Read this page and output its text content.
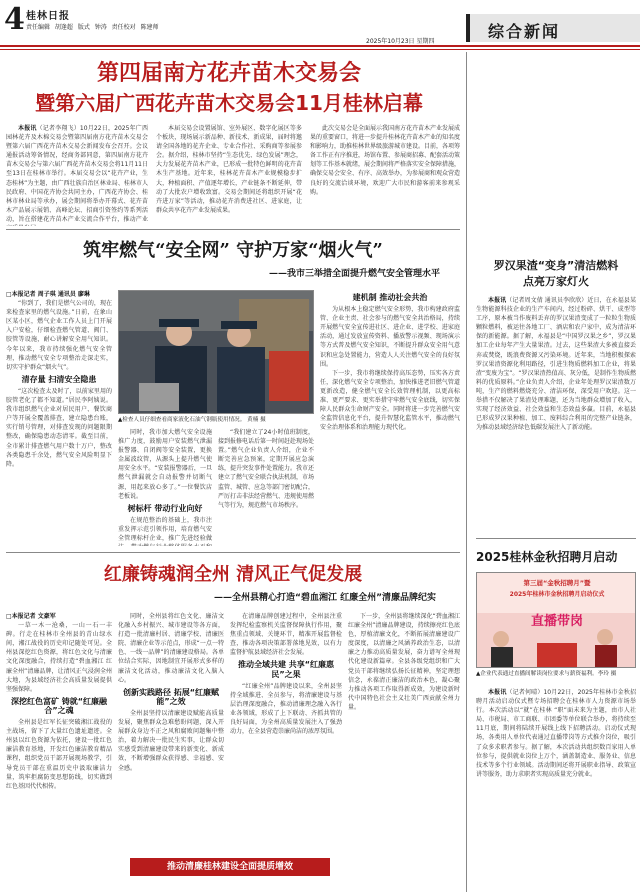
4 桂林日报
责任编辑 胡逢超 版式 钟涛 责任校对 陈建师
2025年10月23日 星期四
综合新闻
第四届南方花卉苗木交易会
暨第六届广西花卉苗木交易会11月桂林启幕

本报讯（记者李翔飞）10月22日，2025年广西园林花卉及木棉交易会暨第四届南方花卉苗木交易会暨第六届广西花卉苗木交易会新闻发布会召开。会议通报活动筹备情况，经商务部同意，第四届南方花卉苗木交易会与第六届广西花卉苗木交易会将11月11日至13日在桂林市举行。本届交易会以“花卉产业，生态桂林”为主题，由广西壮族自治区林业局、桂林市人民政府、中国花卉协会共同主办，广西花卉协会、桂林市林业局等承办，展会期间将举办开幕式、花卉苗木产品展示展销、高峰论坛、招商引资签约等系列活动，旨在搭建花卉苗木产业交流合作平台，推动产业

本届交易会设置展馆、室外展区、数字化展区等多个板块，现场展示新品种、新技术、新成果，届时将邀请全国各地的花卉企业、专业合作社、采购商等参展参会。据介绍，桂林市坚持“生态优先、绿色发展”理念，大力发展花卉苗木产业，已形成一批特色鲜明的花卉苗木生产基地。近年来，桂林花卉苗木产业规模稳步扩大，种植面积、产值逐年增长，产业链条不断延伸，带动了大批农户增收致富。交易会期间还将组织开展“花卉进万家”等活动，推动花卉消费进社区、进家庭，让群众共享花卉产业发展成果。

此次交易会是全面展示我国南方花卉苗木产业发展成果的重要窗口，将进一步提升桂林花卉苗木产业的知名度和影响力，助推桂林世界级旅游城市建设。目前，各项筹备工作正有序推进，场馆布置、参展商招募、配套活动策划等工作基本就绪，展会期间将严格落实安全保障措施，确保交易会安全、有序、高效举办，为参展商和观众营造良好的交流洽谈环境，欢迎广大市民和游客前来参观采购。

筑牢燃气“安全网” 守护万家“烟火气”
——我市三举措全面提升燃气安全管理水平
□本报记者 周子琪 通讯员 廖琳

“你到了，我们是燃气公司的，现在来检查家里的燃气设施。”日前，在象山区某小区，燃气企业工作人员上门开展入户安检，仔细检查燃气管道、阀门、胶管等设施，耐心讲解安全用气知识。今年以来，我市持续强化燃气安全管理，推动燃气安全专项整治走深走实，切实守护群众“烟火气”。

清存量 扫清安全隐患

“这次检查太及时了，以前家里用的胶管老化了都不知道。”居民李阿姨说。我市组织燃气企业对居民用户、餐饮商户等开展全覆盖排查，建立隐患台账，实行销号管理，对排查发现的问题限期整改，确保隐患动态清零。截至目前，全市累计排查燃气用户数十万户，整改各类隐患千余处，燃气安全风险明显下降。

▲检查人员仔细查看商家液化石油气钢瓶使用情况。 黄楠 摄

同时，我市加大燃气安全设施推广力度，鼓励用户安装燃气泄漏报警器、自闭阀等安全装置，更换金属波纹管，从源头上提升燃气使用安全水平。“安装报警器后，一旦燃气泄漏就会自动报警并切断气源，用起来放心多了。”一位餐饮店老板说。

树标杆 带动行业向好

在规范整治的基础上，我市注重发挥示范引领作用，培育燃气安全管理标杆企业，推广先进经验做

“我们建立了24小时值班制度，接到报修电话后第一时间赶赴现场处置。”燃气企业负责人介绍，企业不断完善应急预案，定期开展应急演练，提升突发事件处置能力。我市还建立了燃气安全联合执法机制，市场监管、城管、应急等部门密切配合，严厉打击非法经营燃气、违规使用燃气等行为，规范燃气市场秩序。

建机制 推动社会共治

为从根本上稳定燃气安全形势，我市构建政府监管、企业主责、社会参与的燃气安全共治格局，持续开展燃气安全宣传进社区、进企业、进学校、进家庭活动，通过发放宣传资料、播放警示视频、现场演示等方式普及燃气安全知识，不断提升群众安全用气意识和应急处置能力，营造人人关注燃气安全的良好氛围。

下一步，我市将继续保持高压态势，压实各方责任，深化燃气安全专项整治，加快推进老旧燃气管道更新改造，健全燃气安全长效管理机制，以更高标准、更严要求、更实举措守牢燃气安全底线，切实保障人民群众生命财产安全。同时将进一步完善燃气安全监管信息化平台，提升智慧化监管水平，推动燃气安全治理体系和治理能力现代化。

红廉铸魂润全州 清风正气促发展
——全州县精心打造“碧血湘江 红廉全州”清廉品牌纪实
□本报记者 文豪军

一草一木一沧桑，一山一石一丰碑。行走在桂林市全州县的青山绿水间，湘江战役的历史印记随处可见。全州县深挖红色资源，将红色文化与清廉文化深度融合，持续打造“碧血湘江 红廉全州”清廉品牌，让清风正气浸润全州大地，为县域经济社会高质量发展提供坚强保障。

深挖红色富矿 铸就“红廉融合”之魂

全州县是红军长征突破湘江战役的主战场，留下了大量红色遗址遗迹。全州县以红色资源为依托，建设一批红色廉洁教育基地，开发红色廉洁教育精品课程，组织党员干部开展现场教学，引导党员干部在重温历史中汲取廉洁力量，筑牢拒腐防变思想防线，切实做到红色基因代代相传。

同时，全州县将红色文化、廉洁文化融入乡村振兴、城市建设等各方面，打造一批清廉村居、清廉学校、清廉医院、清廉企业等示范点，形成“一点一特色、一线一品牌”的清廉建设格局。各单位结合实际，因地制宜开展形式多样的廉洁文化活动，推动廉洁文化入脑入心。

创新实践路径 拓展“红廉赋能”之效

全州县坚持以清廉建设赋能高质量发展，聚焦群众急难愁盼问题，深入开展群众身边不正之风和腐败问题集中整治，着力解决一批民生实事，让群众切实感受到清廉建设带来的新变化、新成效，不断增强群众获得感、幸福感、安全感。

在清廉品牌创建过程中，全州县注重发挥纪检监察机关监督保障执行作用，聚焦重点领域、关键环节，精准开展监督检查，推动各项决策部署落地见效，以有力监督护航县域经济社会发展。

推动全域共建 共享“红廉惠民”之果

“红廉全州”品牌建设以来，全州县坚持全域推进、全员参与，将清廉建设与基层治理深度融合，推动清廉理念融入各行业各领域，形成了上下联动、齐抓共管的良好局面，为全州高质量发展注入了强劲动力，在全县营造崇廉尚洁的浓厚氛围。

下一步，全州县将继续深化“碧血湘江 红廉全州”清廉品牌建设，持续擦亮红色底色，厚植清廉文化，不断拓展清廉建设广度深度，以清廉之风涵养政治生态，以清廉之力推动高质量发展，奋力谱写全州现代化建设新篇章。全县各级党组织和广大党员干部将继续弘扬长征精神，坚定理想信念，永葆清正廉洁的政治本色，凝心聚力推动各项工作取得新成效，为建设新时代中国特色社会主义壮美广西贡献全州力量。

推动清廉桂林建设全面提质增效
罗汉果渣“变身”清洁燃料
点亮万家灯火

本报讯（记者周文倩 通讯员李欣欣）近日，在永福县某生物能源科技企业的生产车间内，经过粉碎、烘干、成型等工序，原本被当作废料丢弃的罗汉果渣变成了一粒粒生物质颗粒燃料，被运往各地工厂、酒店和农户家中，成为清洁环保的新能源。据了解，永福县是“中国罗汉果之乡”，罗汉果加工企业每年产生大量果渣。过去，这些果渣大多被直接丢弃或焚烧，既浪费资源又污染环境。近年来，当地积极探索罗汉果渣资源化利用路径，引进生物质燃料加工企业，将果渣“变废为宝”。“罗汉果渣热值高、灰分低，是制作生物质燃料的优质原料。”企业负责人介绍，企业年处理罗汉果渣数万吨，生产的燃料燃烧充分、清洁环保，深受用户欢迎。这一举措不仅解决了果渣处理难题，还为当地群众增加了收入，实现了经济效益、社会效益和生态效益多赢。目前，永福县已形成罗汉果种植、加工、废料综合利用的完整产业链条，为推动县域经济绿色低碳发展注入了新动能。

2025桂林金秋招聘月启动
第三届“金秋招聘月”暨
2025年桂林市金秋招聘月启动仪式
直播带岗
▲企业代表通过直播间解读岗位要求与薪资福利。李玲 摄

本报讯（记者何晴）10月22日，2025年桂林市金秋招聘月活动启动仪式暨专场招聘会在桂林市人力资源市场举行。本次活动以“就”在桂林 “职”面未来为主题，由市人社局、市税局、市工商联、市团委等单位联合举办，将持续至11月底，期间将陆续开展线上线下招聘活动。启动仪式现场，各类用人单位代表通过直播带岗等方式推介岗位，吸引了众多求职者参与。据了解，本次活动共组织数百家用人单位参与，提供就业岗位上万个，涵盖制造业、服务业、信息技术等多个行业领域。活动期间还将开展职业指导、政策宣讲等服务，助力求职者实现高质量充分就业。
